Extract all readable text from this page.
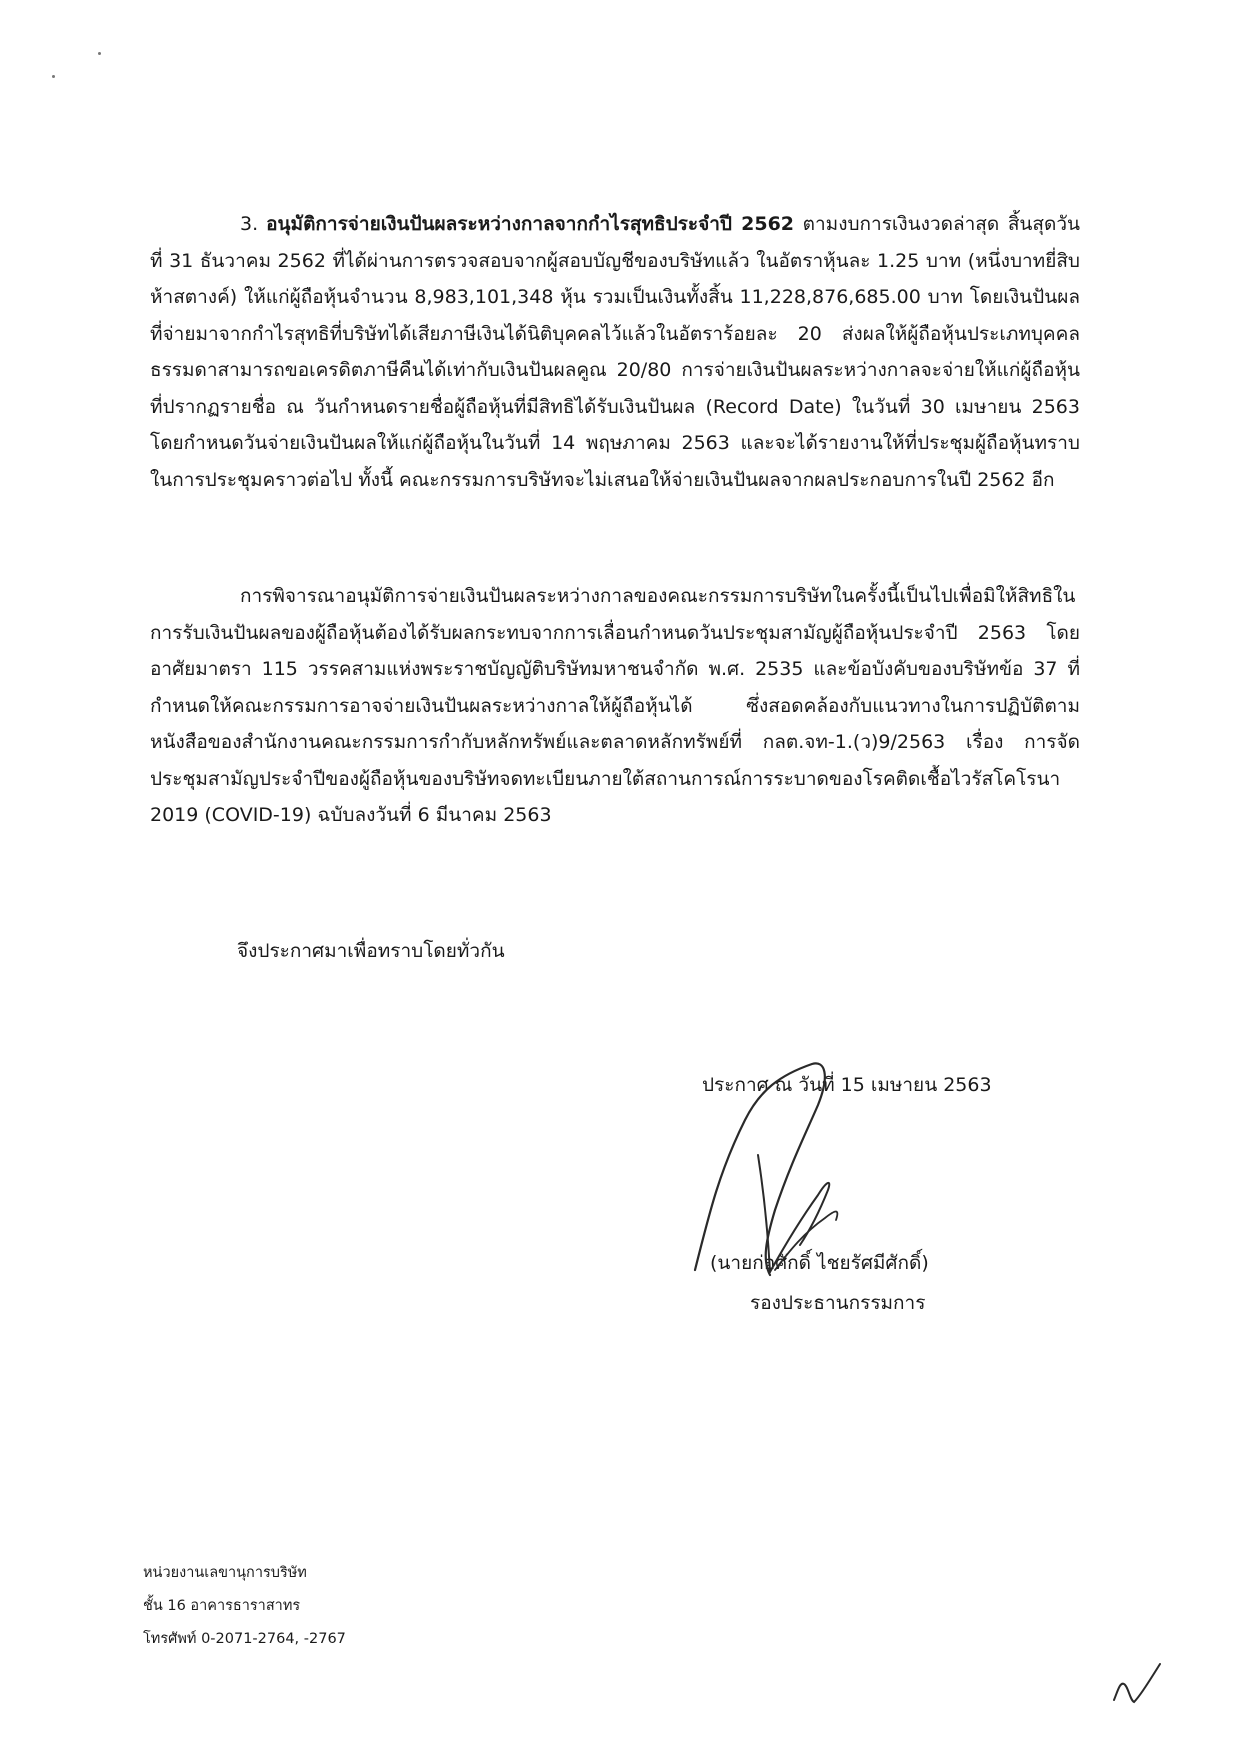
3. อนุมัติการจ่ายเงินปันผลระหว่างกาลจากกำไรสุทธิประจำปี 2562 ตามงบการเงินงวดล่าสุด สิ้นสุดวันที่ 31 ธันวาคม 2562 ที่ได้ผ่านการตรวจสอบจากผู้สอบบัญชีของบริษัทแล้ว ในอัตราหุ้นละ 1.25 บาท (หนึ่งบาทยี่สิบห้าสตางค์) ให้แก่ผู้ถือหุ้นจำนวน 8,983,101,348 หุ้น รวมเป็นเงินทั้งสิ้น 11,228,876,685.00 บาท โดยเงินปันผลที่จ่ายมาจากกำไรสุทธิที่บริษัทได้เสียภาษีเงินได้นิติบุคคลไว้แล้วในอัตราร้อยละ 20 ส่งผลให้ผู้ถือหุ้นประเภทบุคคลธรรมดาสามารถขอเครดิตภาษีคืนได้เท่ากับเงินปันผลคูณ 20/80 การจ่ายเงินปันผลระหว่างกาลจะจ่ายให้แก่ผู้ถือหุ้นที่ปรากฏรายชื่อ ณ วันกำหนดรายชื่อผู้ถือหุ้นที่มีสิทธิได้รับเงินปันผล (Record Date) ในวันที่ 30 เมษายน 2563 โดยกำหนดวันจ่ายเงินปันผลให้แก่ผู้ถือหุ้นในวันที่ 14 พฤษภาคม 2563 และจะได้รายงานให้ที่ประชุมผู้ถือหุ้นทราบในการประชุมคราวต่อไป ทั้งนี้ คณะกรรมการบริษัทจะไม่เสนอให้จ่ายเงินปันผลจากผลประกอบการในปี 2562 อีก
การพิจารณาอนุมัติการจ่ายเงินปันผลระหว่างกาลของคณะกรรมการบริษัทในครั้งนี้เป็นไปเพื่อมิให้สิทธิในการรับเงินปันผลของผู้ถือหุ้นต้องได้รับผลกระทบจากการเลื่อนกำหนดวันประชุมสามัญผู้ถือหุ้นประจำปี 2563 โดยอาศัยมาตรา 115 วรรคสามแห่งพระราชบัญญัติบริษัทมหาชนจำกัด พ.ศ. 2535 และข้อบังคับของบริษัทข้อ 37 ที่กำหนดให้คณะกรรมการอาจจ่ายเงินปันผลระหว่างกาลให้ผู้ถือหุ้นได้ ซึ่งสอดคล้องกับแนวทางในการปฏิบัติตามหนังสือของสำนักงานคณะกรรมการกำกับหลักทรัพย์และตลาดหลักทรัพย์ที่ กลต.จท-1.(ว)9/2563 เรื่อง การจัดประชุมสามัญประจำปีของผู้ถือหุ้นของบริษัทจดทะเบียนภายใต้สถานการณ์การระบาดของโรคติดเชื้อไวรัสโคโรนา 2019 (COVID-19) ฉบับลงวันที่ 6 มีนาคม 2563
จึงประกาศมาเพื่อทราบโดยทั่วกัน
ประกาศ ณ วันที่ 15 เมษายน 2563
(นายก่อศักดิ์ ไชยรัศมีศักดิ์)
รองประธานกรรมการ
หน่วยงานเลขานุการบริษัท
ชั้น 16 อาคารธาราสาทร
โทรศัพท์ 0-2071-2764, -2767
